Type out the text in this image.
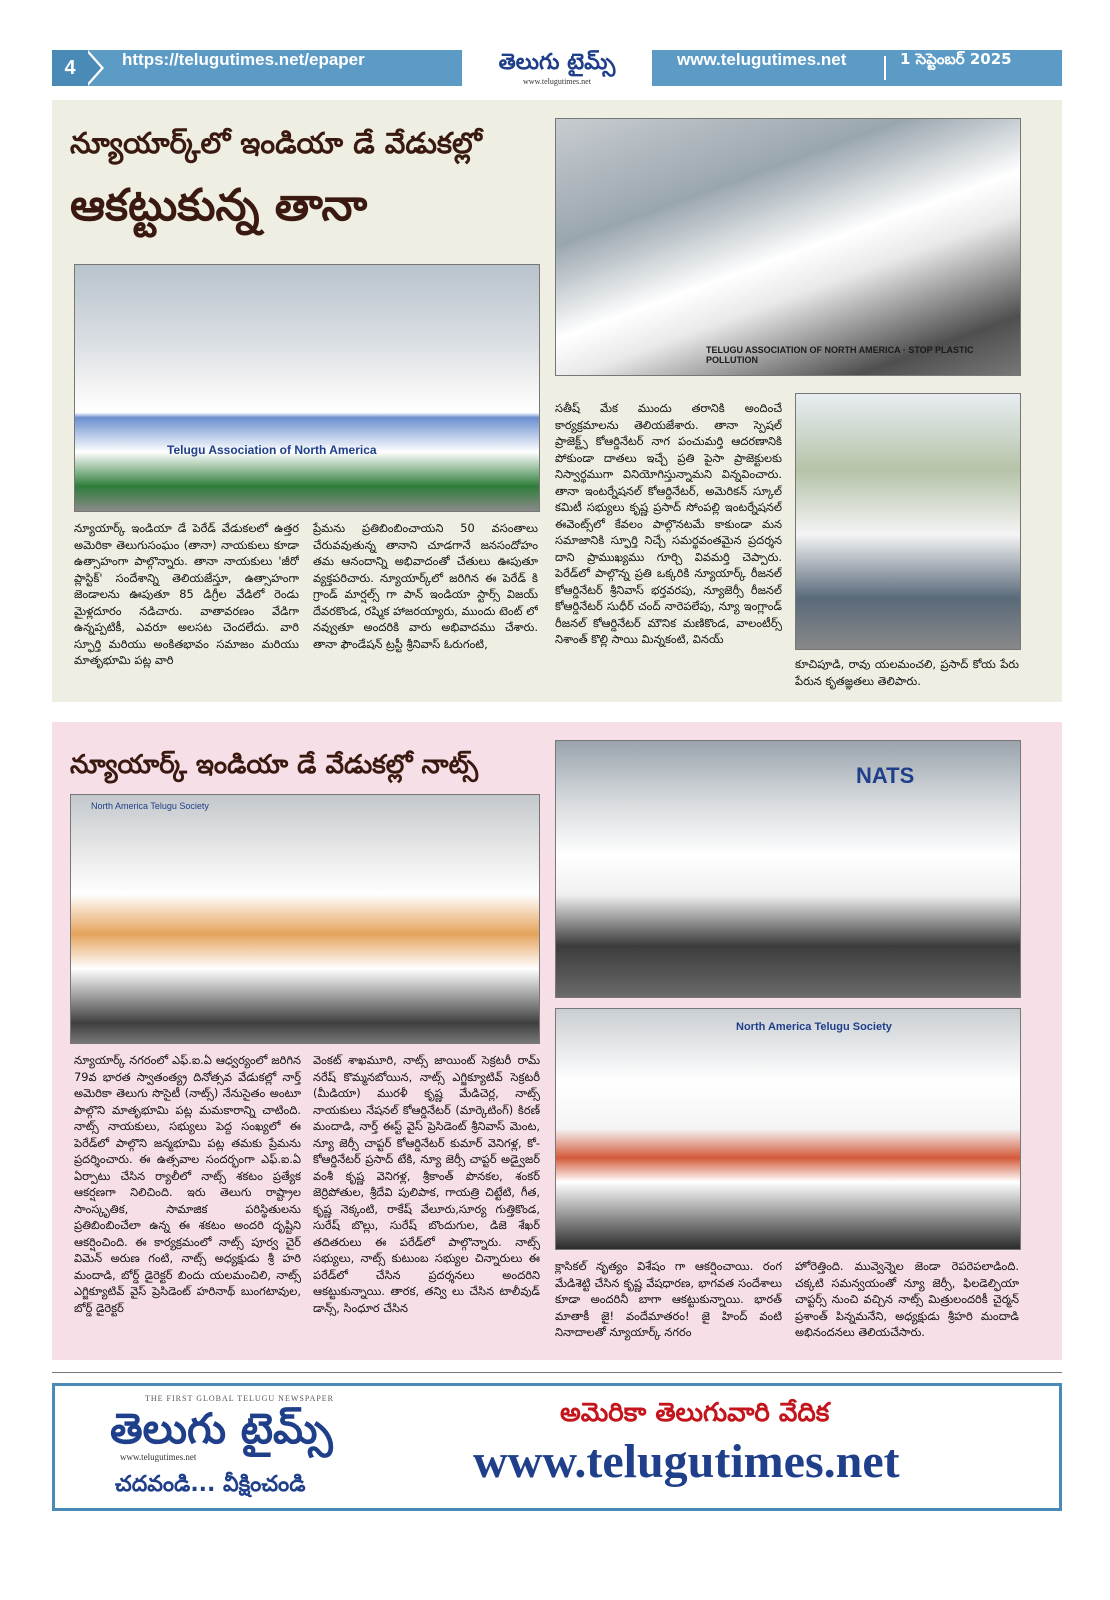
4	https://telugutimes.net/epaper	తెలుగు టైమ్స్
www.telugutimes.net
www.telugutimes.net	1 సెప్టెంబర్ 2025
న్యూయార్క్‌లో ఇండియా డే వేడుకల్లో
ఆకట్టుకున్న తానా
Telugu Association of North America
TELUGU ASSOCIATION OF NORTH AMERICA · STOP PLASTIC POLLUTION
న్యూయార్క్ ఇండియా డే పెరేడ్ వేడుకలలో ఉత్తర అమెరికా తెలుగుసంఘం (తానా) నాయకులు కూడా ఉత్సాహంగా పాల్గొన్నారు. తానా నాయకులు 'జీరో ప్లాస్టిక్' సందేశాన్ని తెలియజేస్తూ, ఉత్సాహంగా జెండాలను ఊపుతూ 85 డిగ్రీల వేడిలో రెండు మైళ్లదూరం నడిచారు. వాతావరణం వేడిగా ఉన్నప్పటికీ, ఎవరూ అలసట చెందలేదు. వారి స్ఫూర్తి మరియు అంకితభావం సమాజం మరియు మాతృభూమి పట్ల వారి
ప్రేమను ప్రతిబింబించాయని 50 వసంతాలు చేరువవుతున్న తానాని చూడగానే జనసందోహం తమ ఆనందాన్ని అభివాదంతో చేతులు ఊపుతూ వ్యక్తపరిచారు. న్యూయార్క్‌లో జరిగిన ఈ పెరేడ్ కి గ్రాండ్ మార్షల్స్ గా పాన్ ఇండియా స్టార్స్ విజయ్ దేవరకొండ, రష్మిక హాజరయ్యారు, ముందు టెంట్ లో నవ్వుతూ అందరికి వారు అభివాదము చేశారు. తానా ఫౌండేషన్ ట్రస్టీ శ్రీనివాస్ ఓరుగంటి,
సతీష్ మేక ముందు తరానికి అందించే కార్యక్రమాలను తెలియజేశారు. తానా స్పెషల్ ప్రాజెక్ట్స్ కోఆర్డినేటర్ నాగ పంచుమర్తి ఆదరణానికి పోకుండా దాతలు ఇచ్చే ప్రతి పైసా ప్రాజెక్టులకు నిస్వార్థముగా వినియోగిస్తున్నామని విన్నవించారు. తానా ఇంటర్నేషనల్ కోఆర్డినేటర్, అమెరికన్ స్కూల్ కమిటీ సభ్యులు కృష్ణ ప్రసాద్ సోంపల్లి ఇంటర్నేషనల్ ఈవెంట్స్‌లో కేవలం పాల్గొనటమే కాకుండా మన సమాజానికి స్ఫూర్తి నిచ్చే సమర్థవంతమైన ప్రదర్శన దాని ప్రాముఖ్యము గూర్చి వివమర్తి చెప్పారు. పెరేడ్‌లో పాల్గొన్న ప్రతి ఒక్కరికి న్యూయార్క్ రీజనల్ కోఆర్డినేటర్ శ్రీనివాస్ భర్తవరపు, న్యూజెర్సీ రీజనల్ కోఆర్డినేటర్ సుధీర్ చంద్ నారెపలేపు, న్యూ ఇంగ్లాండ్ రీజనల్ కోఆర్డినేటర్ మౌనిక మణికొండ, వాలంటీర్స్ నిశాంత్ కొల్లి సాయి మిన్నకంటి, వినయ్
కూచిపూడి, రావు యలమంచలి, ప్రసాద్ కోయ పేరు పేరున కృతజ్ఞతలు తెలిపారు.
న్యూయార్క్ ఇండియా డే వేడుకల్లో నాట్స్
North America Telugu Society
NATS
North America Telugu Society
న్యూయార్క్ నగరంలో ఎఫ్.ఐ.ఏ ఆధ్వర్యంలో జరిగిన 79వ భారత స్వాతంత్య్ర దినోత్సవ వేడుకల్లో నార్త్ అమెరికా తెలుగు సొసైటీ (నాట్స్) నేనుసైతం అంటూ పాల్గొని మాతృభూమి పట్ల మమకారాన్ని చాటింది. నాట్స్ నాయకులు, సభ్యులు పెద్ద సంఖ్యలో ఈ పెరేడ్‌లో పాల్గొని జన్మభూమి పట్ల తమకు ప్రేమను ప్రదర్శించారు. ఈ ఉత్సవాల సందర్భంగా ఎఫ్.ఐ.ఏ ఏర్పాటు చేసిన ర్యాలీలో నాట్స్ శకటం ప్రత్యేక ఆకర్షణగా నిలిచింది. ఇరు తెలుగు రాష్ట్రాల సాంస్కృతిక, సామాజిక పరిస్థితులను ప్రతిబింబించేలా ఉన్న ఈ శకటం అందరి దృష్టిని ఆకర్షించింది. ఈ కార్యక్రమంలో నాట్స్ పూర్వ చైర్ విమెన్ అరుణ గంటి, నాట్స్ అధ్యక్షుడు శ్రీ హరి మందాడి, బోర్డ్ డైరెక్టర్ బిందు యలమంచిలి, నాట్స్ ఎగ్జిక్యూటివ్ వైస్ ప్రెసిడెంట్ హరినాథ్ బుంగటావుల, బోర్డ్ డైరెక్టర్
వెంకట్ శాఖమూరి, నాట్స్ జాయింట్ సెక్రటరీ రామ్ నరేష్ కొమ్మనబోయిన, నాట్స్ ఎగ్జిక్యూటివ్ సెక్రటరీ (మీడియా) మురళీ కృష్ణ మేడిచెర్ల, నాట్స్ నాయకులు నేషనల్ కోఆర్డినేటర్ (మార్కెటింగ్) కిరణ్ మందాడి, నార్త్ ఈస్ట్ వైస్ ప్రెసిడెంట్ శ్రీనివాస్ మెంట, న్యూ జెర్సీ చాప్టర్ కోఆర్డినేటర్ కుమార్ వెనిగళ్ల, కో- కోఆర్డినేటర్ ప్రసాద్ టేకి, న్యూ జెర్సీ చాప్టర్ అడ్వైజర్ వంశీ కృష్ణ వెనిగళ్ల, శ్రీకాంత్ పొనకల, శంకర్ జెర్రిపోతుల, శ్రీదేవి పులిపాక, గాయత్రి చిట్టేటి, గీత, కృష్ణ నెక్కంటి, రాకేష్ వేలూరు,సూర్య గుత్తికొండ, సురేష్ బొల్లు, సురేష్ బొందుగుల, డిజె శేఖర్ తదితరులు ఈ పరేడ్‌లో పాల్గొన్నారు. నాట్స్ సభ్యులు, నాట్స్ కుటుంబ సభ్యుల చిన్నారులు ఈ పరేడ్‌లో చేసిన ప్రదర్శనలు అందరిని ఆకట్టుకున్నాయి. తారక, తన్వి లు చేసిన టాలీవుడ్ డాన్స్, సింధూర చేసిన
క్లాసికల్ నృత్యం విశేషం గా ఆకర్షించాయి. రంగ మేడిశెట్టి చేసిన కృష్ణ వేషధారణ, భాగవత సందేశాలు కూడా అందరినీ బాగా ఆకట్టుకున్నాయి. భారత్ మాతాకీ జై! వందేమాతరం! జై హింద్ వంటి నినాదాలతో న్యూయార్క్ నగరం
హోరెత్తింది. మువ్వెన్నెల జెండా రెపరెపలాడింది. చక్కటి సమన్వయంతో న్యూ జెర్సీ, ఫిలడెల్ఫియా చాప్టర్స్ నుంచి వచ్చిన నాట్స్ మిత్రులందరికీ చైర్మన్ ప్రశాంత్ పిన్నమనేని, అధ్యక్షుడు శ్రీహరి మందాడి అభినందనలు తెలియచేసారు.
THE FIRST GLOBAL TELUGU NEWSPAPER
తెలుగు టైమ్స్
www.telugutimes.net
చదవండి... వీక్షించండి
అమెరికా తెలుగువారి వేదిక
www.telugutimes.net
